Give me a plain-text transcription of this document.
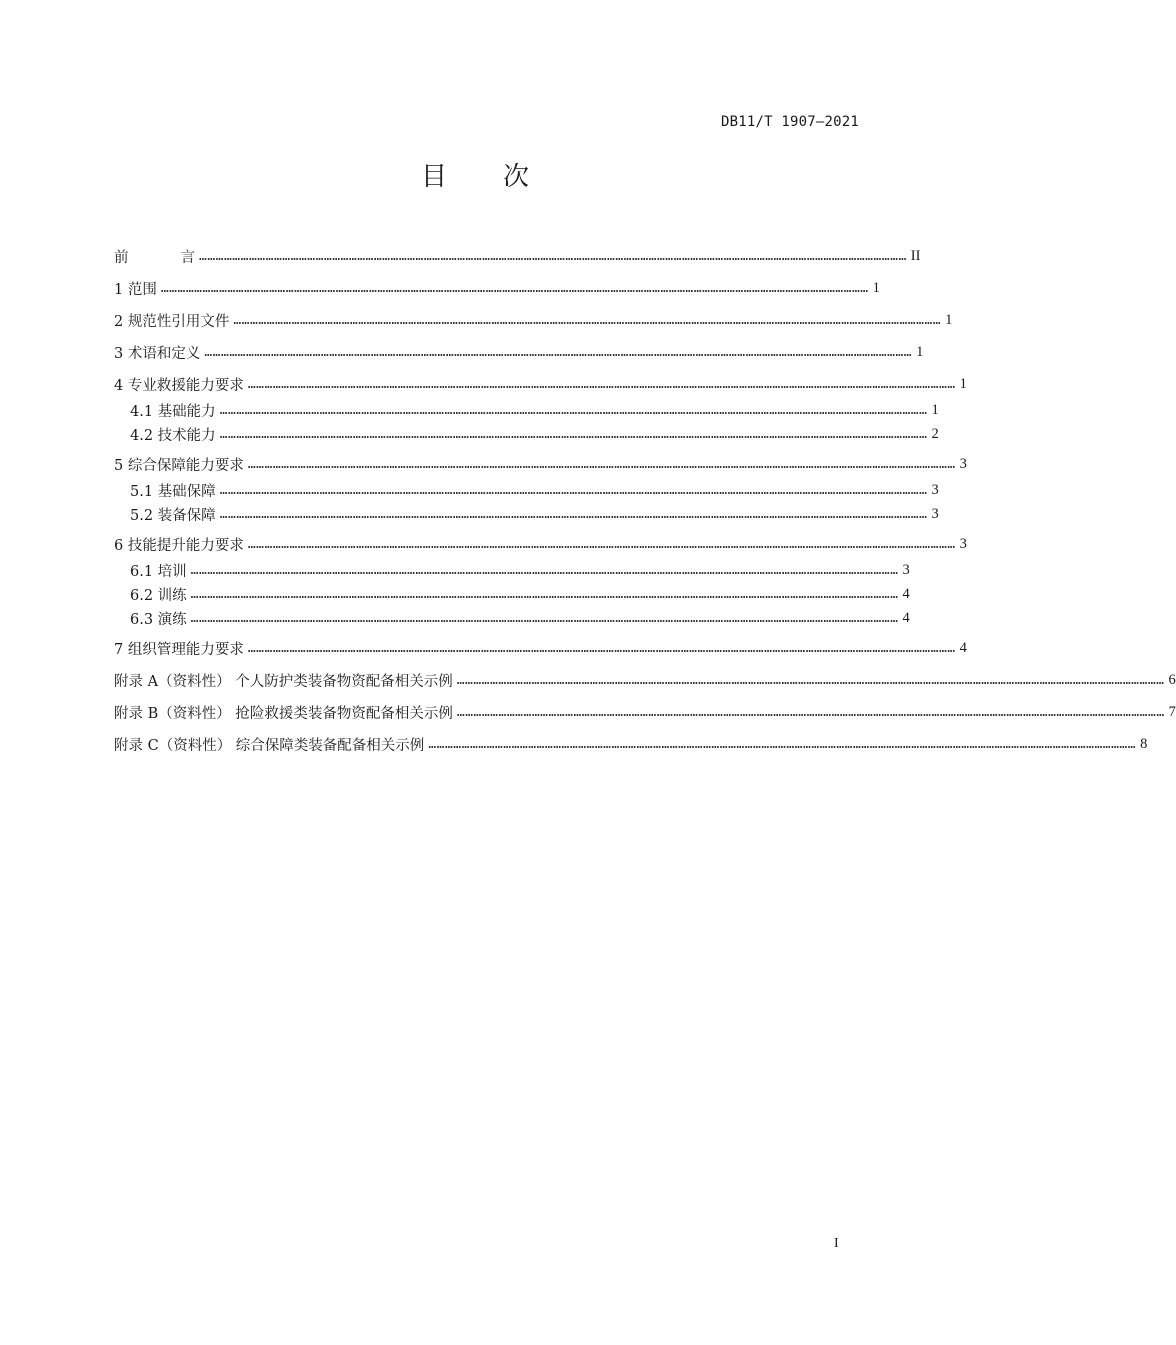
DB11/T 1907—2021
目 次
前	言 ………………………………………………………………………………………………………………………………………………………………………………………………………………………………… II
1 范围 ………………………………………………………………………………………………………………………………………………………………………………………………………………………………… 1
2 规范性引用文件 ………………………………………………………………………………………………………………………………………………………………………………………………………………………………… 1
3 术语和定义 ………………………………………………………………………………………………………………………………………………………………………………………………………………………………… 1
4 专业救援能力要求 ………………………………………………………………………………………………………………………………………………………………………………………………………………………………… 1
4.1 基础能力 ………………………………………………………………………………………………………………………………………………………………………………………………………………………………… 1
4.2 技术能力 ………………………………………………………………………………………………………………………………………………………………………………………………………………………………… 2
5 综合保障能力要求 ………………………………………………………………………………………………………………………………………………………………………………………………………………………………… 3
5.1 基础保障 ………………………………………………………………………………………………………………………………………………………………………………………………………………………………… 3
5.2 装备保障 ………………………………………………………………………………………………………………………………………………………………………………………………………………………………… 3
6 技能提升能力要求 ………………………………………………………………………………………………………………………………………………………………………………………………………………………………… 3
6.1 培训 ………………………………………………………………………………………………………………………………………………………………………………………………………………………………… 3
6.2 训练 ………………………………………………………………………………………………………………………………………………………………………………………………………………………………… 4
6.3 演练 ………………………………………………………………………………………………………………………………………………………………………………………………………………………………… 4
7 组织管理能力要求 ………………………………………………………………………………………………………………………………………………………………………………………………………………………………… 4
附录 A（资料性） 个人防护类装备物资配备相关示例 ………………………………………………………………………………………………………………………………………………………………………………………………………………………………… 6
附录 B（资料性） 抢险救援类装备物资配备相关示例 ………………………………………………………………………………………………………………………………………………………………………………………………………………………………… 7
附录 C（资料性） 综合保障类装备配备相关示例 ………………………………………………………………………………………………………………………………………………………………………………………………………………………………… 8
I
